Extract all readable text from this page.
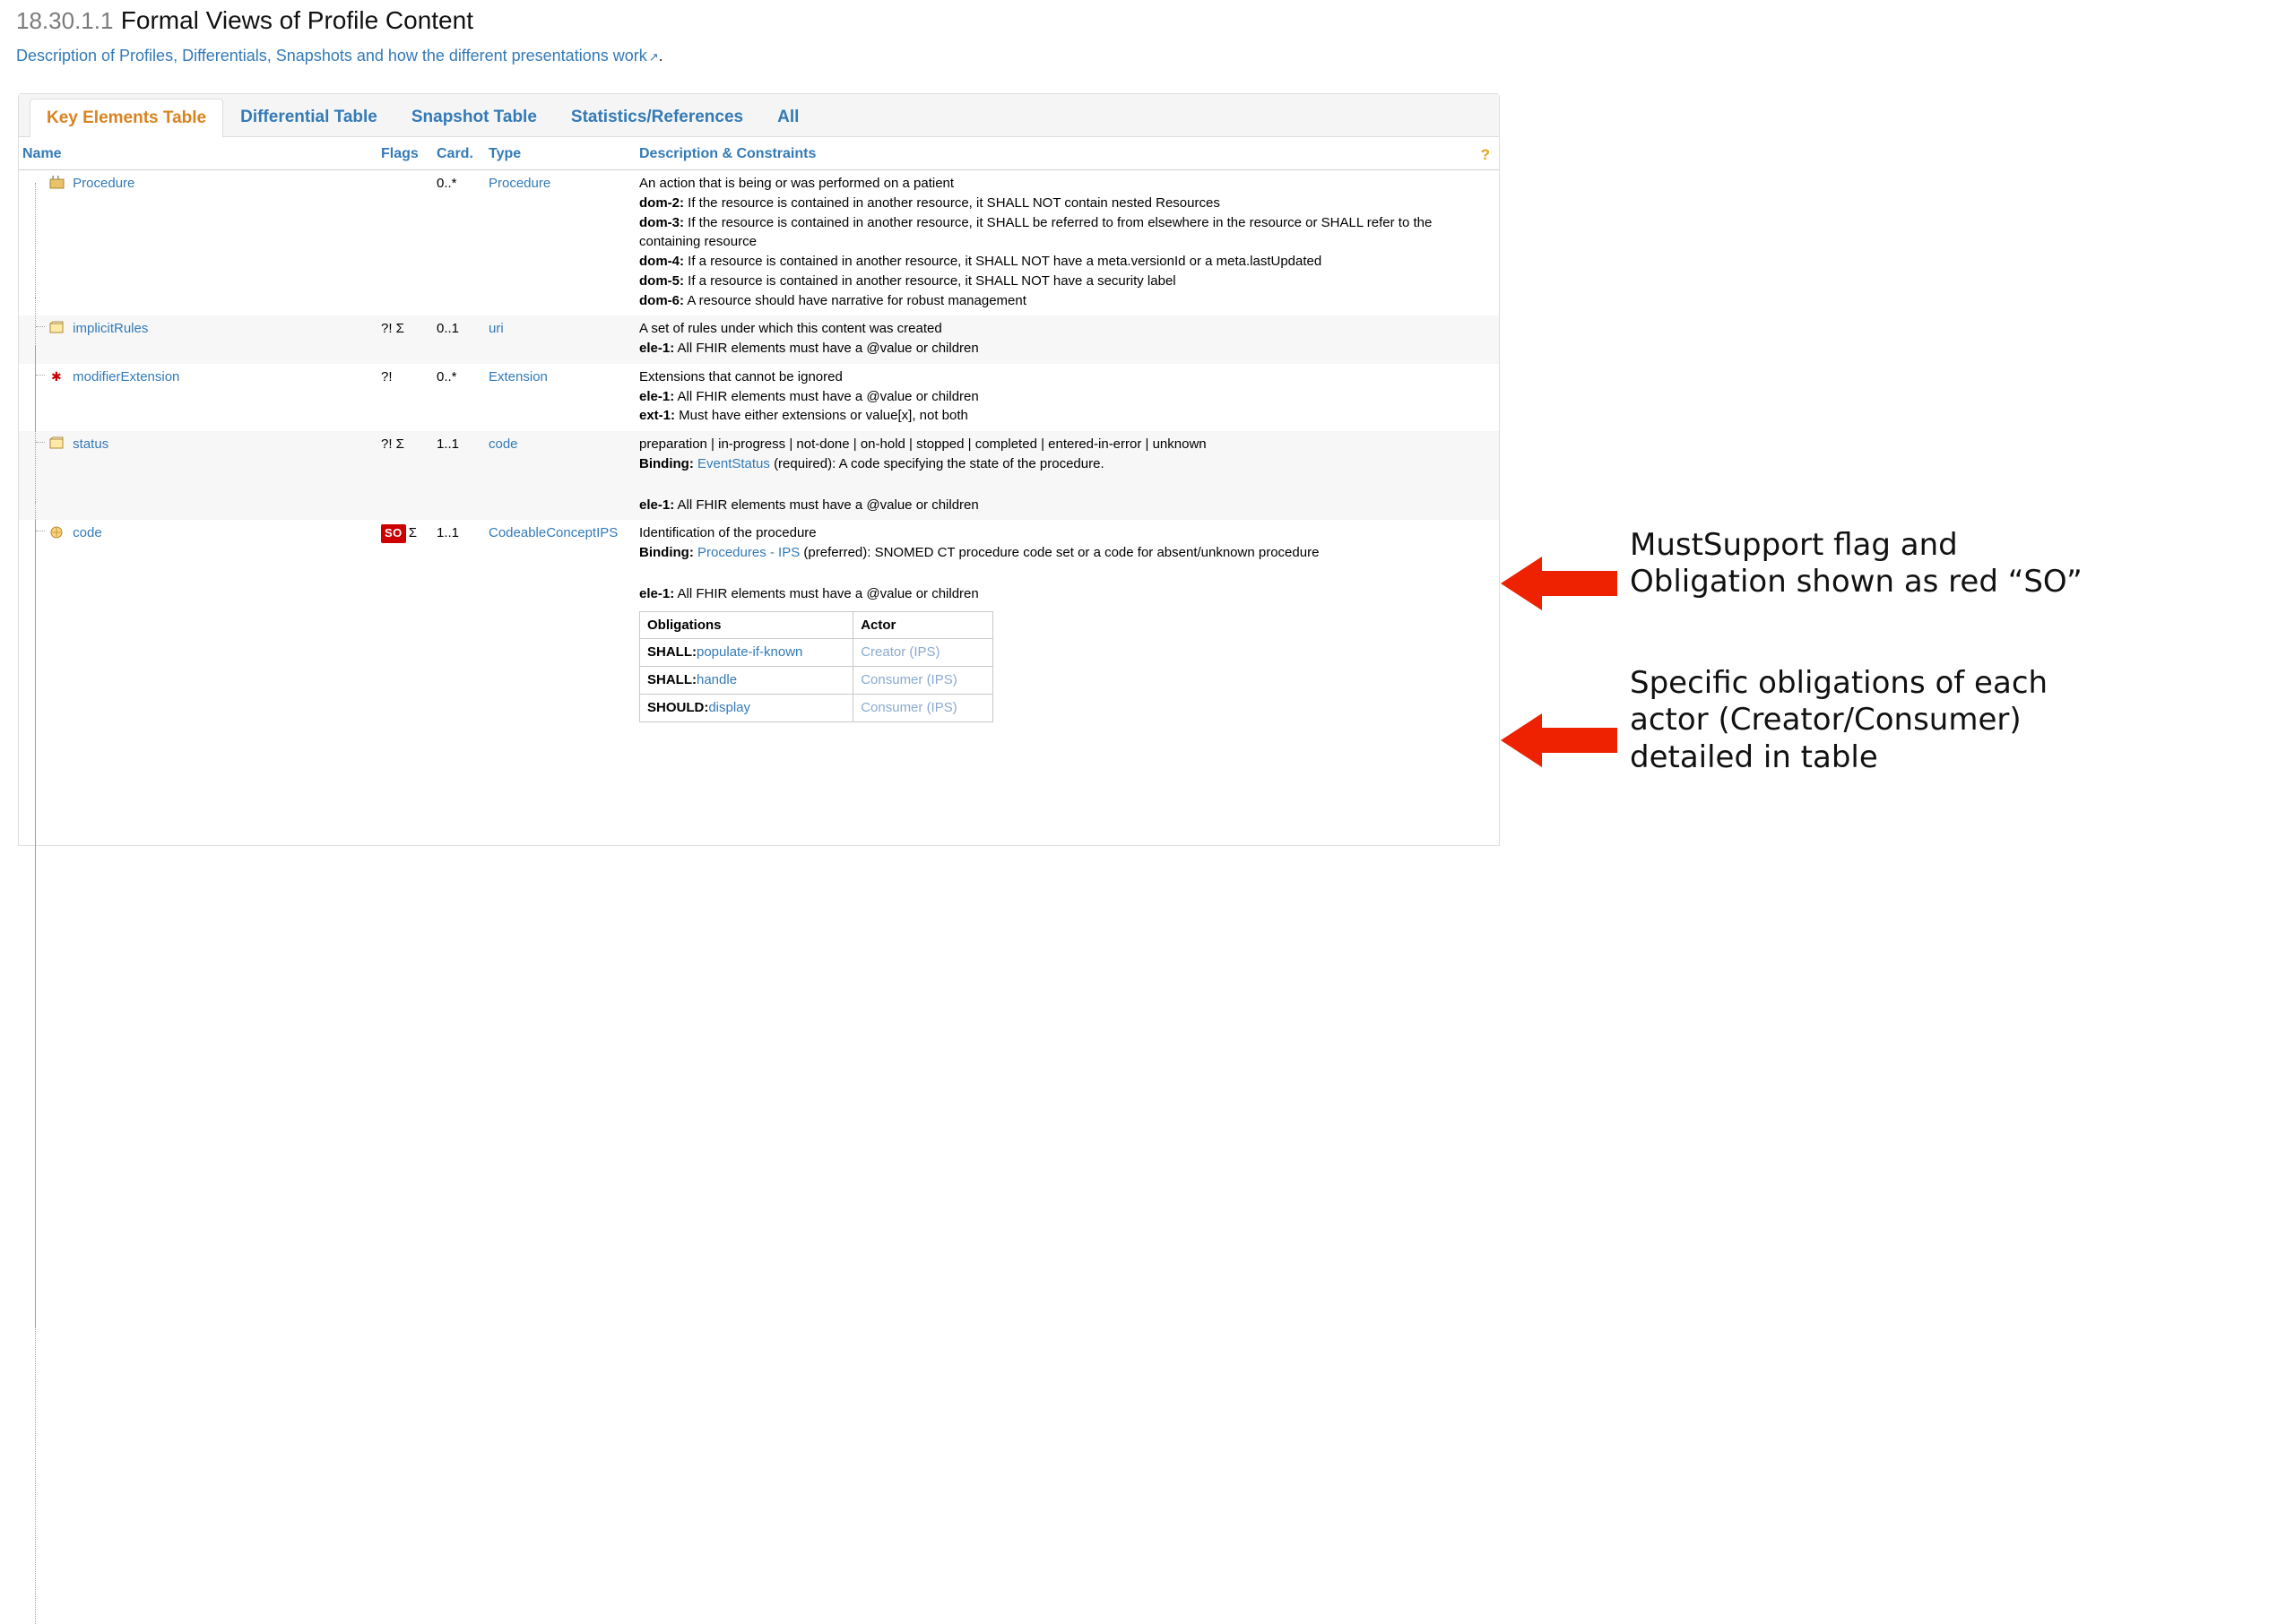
18.30.1.1 Formal Views of Profile Content
Description of Profiles, Differentials, Snapshots and how the different presentations work ↗.
Key Elements Table	Differential Table	Snapshot Table	Statistics/References	All
Name	Flags	Card.	Type	Description & Constraints	?

Procedure		0..*	Procedure	An action that is being or was performed on a patient
dom-2: If the resource is contained in another resource, it SHALL NOT contain nested Resources
dom-3: If the resource is contained in another resource, it SHALL be referred to from elsewhere in the resource or SHALL refer to the containing resource
dom-4: If a resource is contained in another resource, it SHALL NOT have a meta.versionId or a meta.lastUpdated
dom-5: If a resource is contained in another resource, it SHALL NOT have a security label
dom-6: A resource should have narrative for robust management

implicitRules	?! Σ	0..1	uri	A set of rules under which this content was created
ele-1: All FHIR elements must have a @value or children

✱ modifierExtension	?!	0..*	Extension	Extensions that cannot be ignored
ele-1: All FHIR elements must have a @value or children
ext-1: Must have either extensions or value[x], not both

status	?! Σ	1..1	code	preparation | in-progress | not-done | on-hold | stopped | completed | entered-in-error | unknown
Binding: EventStatus (required): A code specifying the state of the procedure.
ele-1: All FHIR elements must have a @value or children

code	SO Σ	1..1	CodeableConceptIPS	Identification of the procedure
Binding: Procedures - IPS (preferred): SNOMED CT procedure code set or a code for absent/unknown procedure
ele-1: All FHIR elements must have a @value or children
Obligations	Actor
SHALL:populate-if-known	Creator (IPS)
SHALL:handle	Consumer (IPS)
SHOULD:display	Consumer (IPS)
MustSupport flag and
Obligation shown as red “SO”
Specific obligations of each
actor (Creator/Consumer)
detailed in table
